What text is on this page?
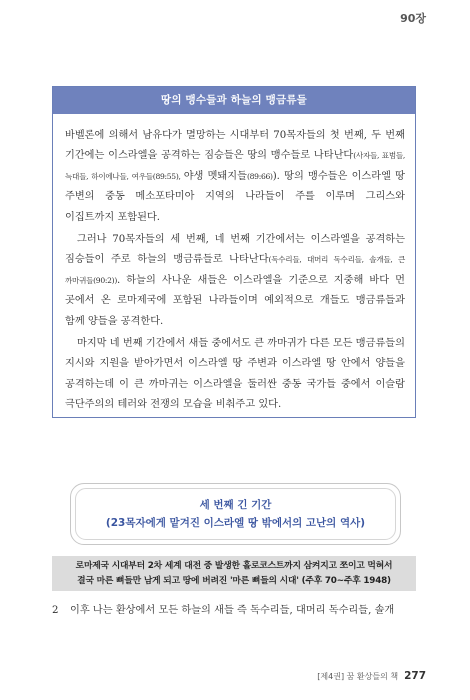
90장
땅의 맹수들과 하늘의 맹금류들

바벨론에 의해서 남유다가 멸망하는 시대부터 70목자들의 첫 번째, 두 번째 기간에는 이스라엘을 공격하는 짐승들은 땅의 맹수들로 나타난다(사자들, 표범들, 늑대들, 하이에나들, 여우들(89:55), 야생 멧돼지들(89:66)). 땅의 맹수들은 이스라엘 땅 주변의 중동 메소포타미아 지역의 나라들이 주를 이루며 그리스와 이집트까지 포함된다.

그러나 70목자들의 세 번째, 네 번째 기간에서는 이스라엘을 공격하는 짐승들이 주로 하늘의 맹금류들로 나타난다(독수리들, 대머리 독수리들, 솔개들, 큰 까마귀들(90:2)). 하늘의 사나운 새들은 이스라엘을 기준으로 지중해 바다 먼 곳에서 온 로마제국에 포함된 나라들이며 예외적으로 개들도 맹금류들과 함께 양들을 공격한다.

마지막 네 번째 기간에서 새들 중에서도 큰 까마귀가 다른 모든 맹금류들의 지시와 지원을 받아가면서 이스라엘 땅 주변과 이스라엘 땅 안에서 양들을 공격하는데 이 큰 까마귀는 이스라엘을 둘러싼 중동 국가들 중에서 이슬람 극단주의의 테러와 전쟁의 모습을 비춰주고 있다.

세 번째 긴 기간
(23목자에게 맡겨진 이스라엘 땅 밖에서의 고난의 역사)
로마제국 시대부터 2차 세계 대전 중 발생한 홀로코스트까지 삼켜지고 쪼이고 먹혀서
결국 마른 뼈들만 남게 되고 땅에 버려진 '마른 뼈들의 시대' (주후 70~주후 1948)
2 이후 나는 환상에서 모든 하늘의 새들 즉 독수리들, 대머리 독수리들, 솔개
[제4권] 꿈 환상들의 책 277
